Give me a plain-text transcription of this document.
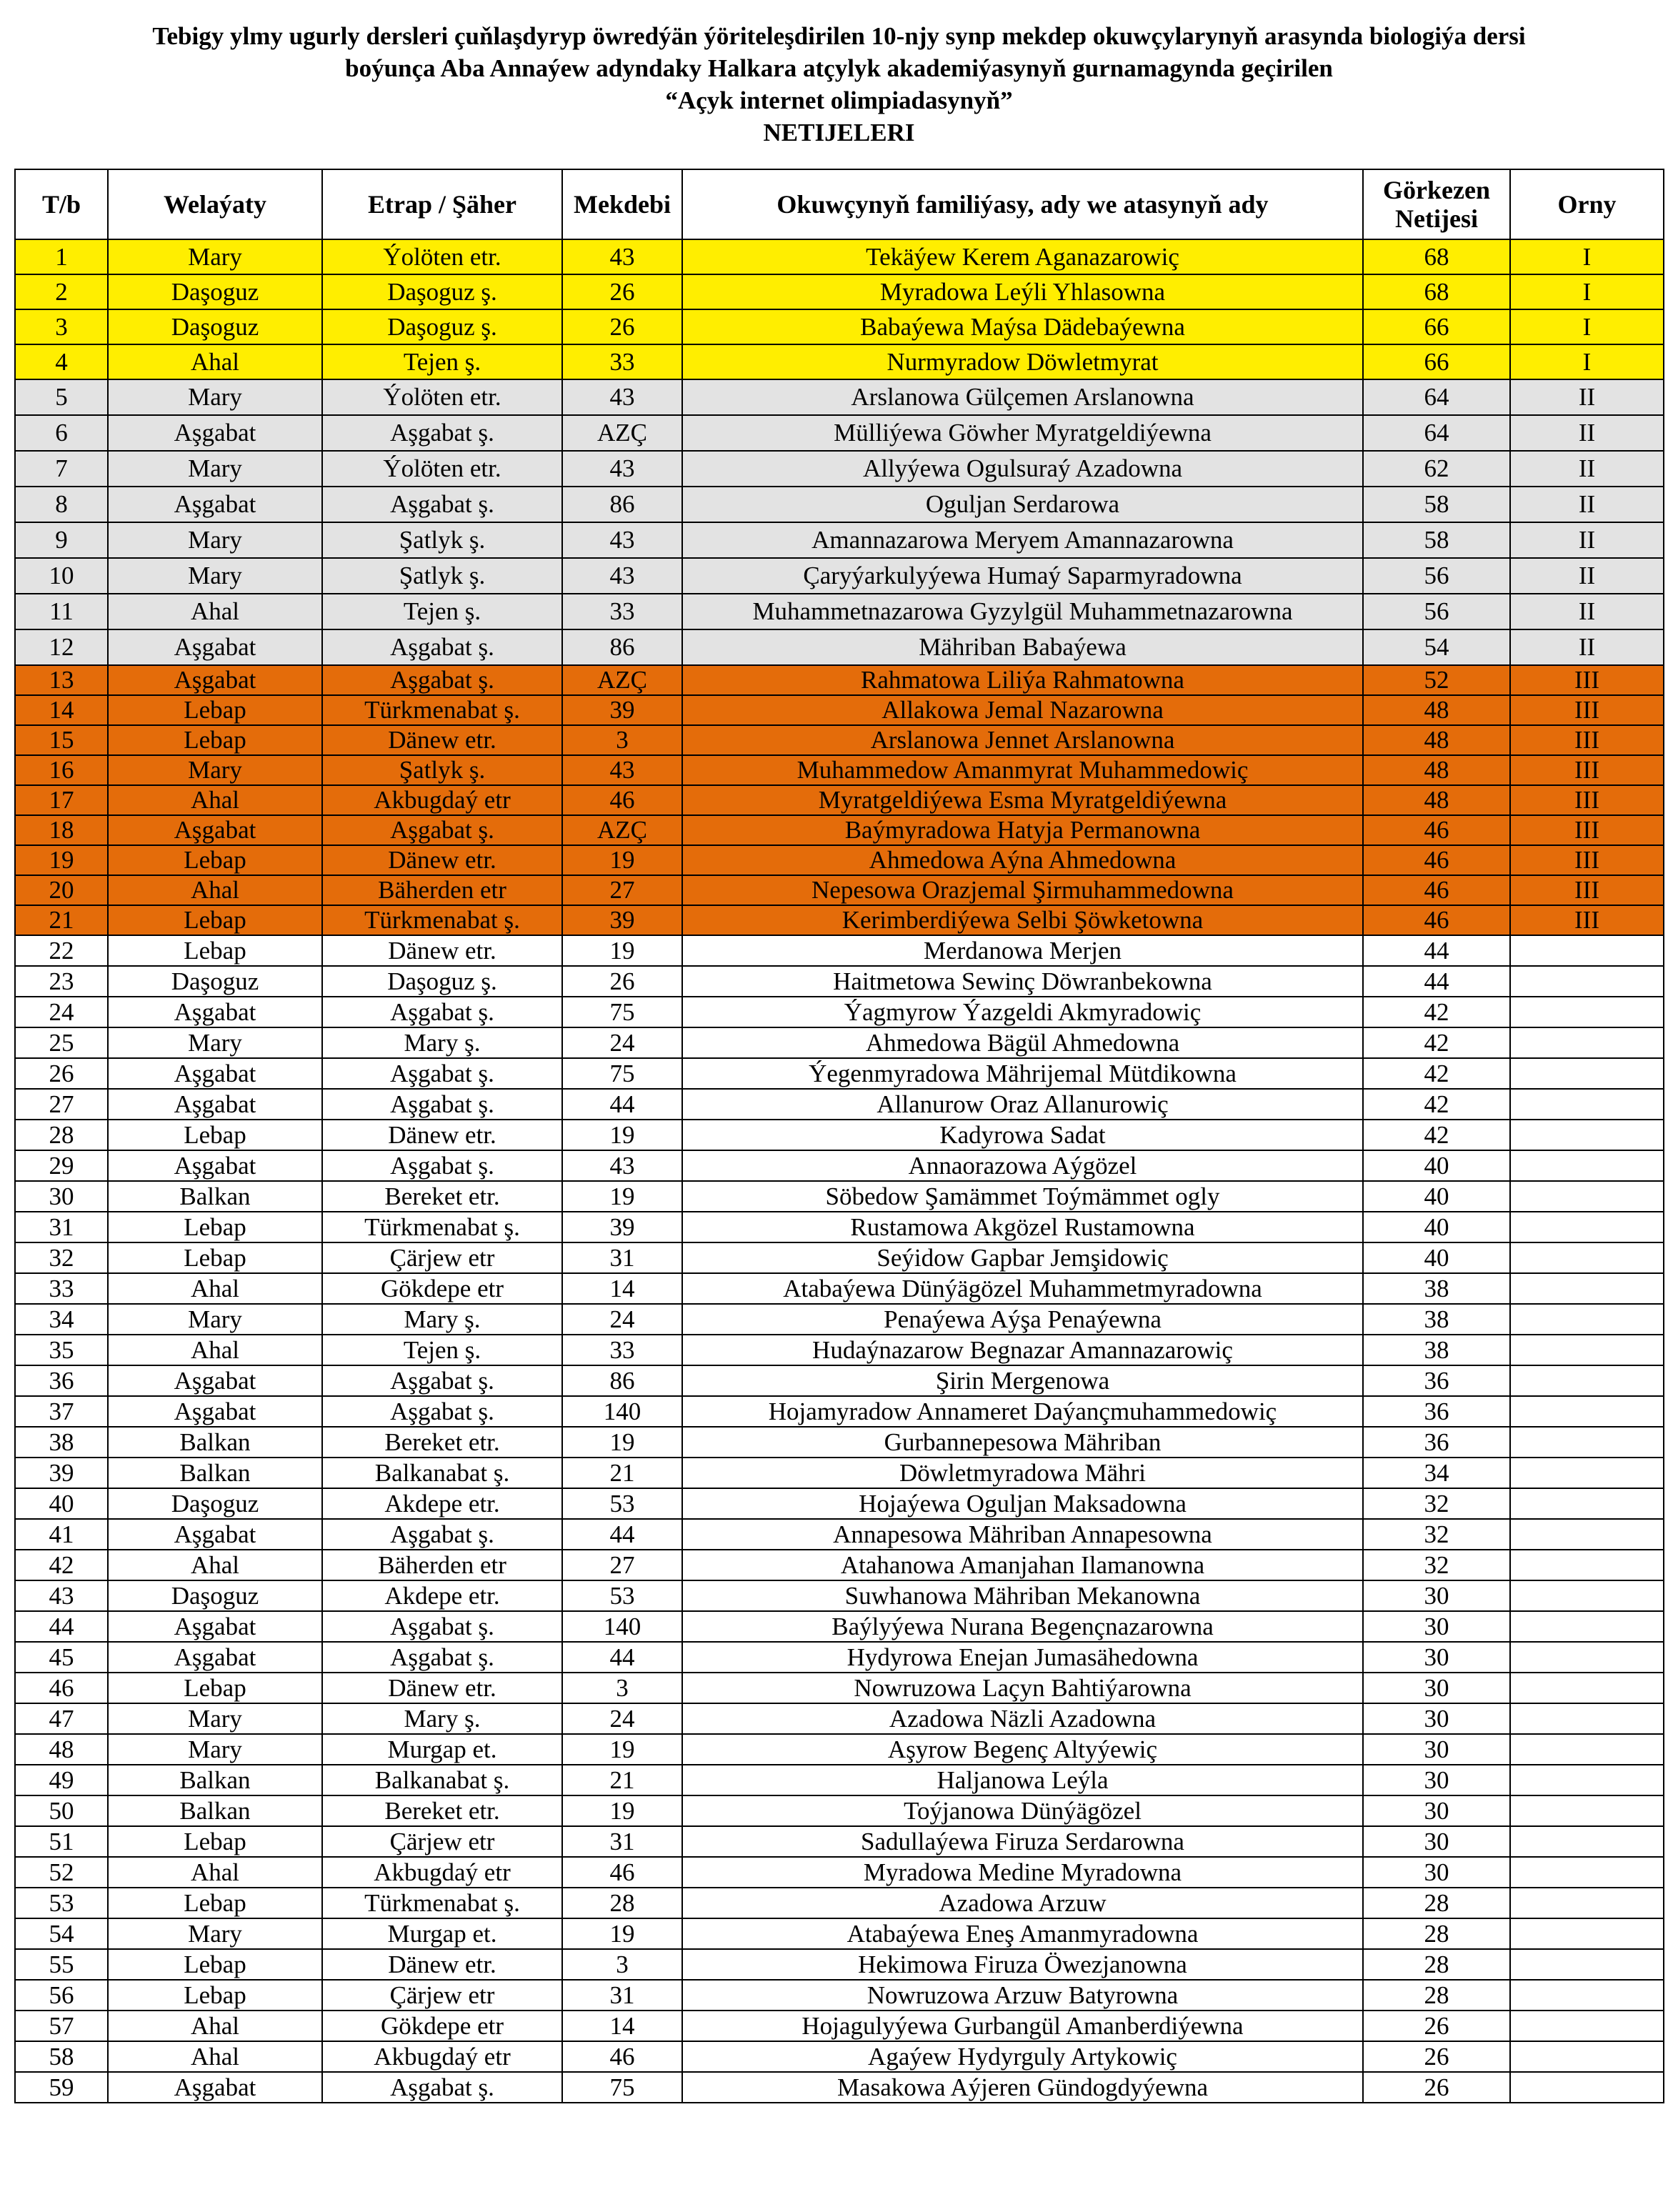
Tebigy ylmy ugurly dersleri çuňlaşdyryp öwredýän ýöriteleşdirilen 10-njy synp mekdep okuwçylarynyň arasynda biologiýa dersi
boýunça Aba Annaýew adyndaky Halkara atçylyk akademiýasynyň gurnamagynda geçirilen
“Açyk internet olimpiadasynyň”
NETIJELERI
T/b	Welaýaty	Etrap / Şäher	Mekdebi	Okuwçynyň familiýasy, ady we atasynyň ady	Görkezen Netijesi	Orny
1	Mary	Ýolöten etr.	43	Tekäýew Kerem Aganazarowiç	68	I
2	Daşoguz	Daşoguz ş.	26	Myradowa Leýli Yhlasowna	68	I
3	Daşoguz	Daşoguz ş.	26	Babaýewa Maýsa Dädebaýewna	66	I
4	Ahal	Tejen ş.	33	Nurmyradow Döwletmyrat	66	I
5	Mary	Ýolöten etr.	43	Arslanowa Gülçemen Arslanowna	64	II
6	Aşgabat	Aşgabat ş.	AZÇ	Mülliýewa Göwher Myratgeldiýewna	64	II
7	Mary	Ýolöten etr.	43	Allyýewa Ogulsuraý Azadowna	62	II
8	Aşgabat	Aşgabat ş.	86	Oguljan Serdarowa	58	II
9	Mary	Şatlyk ş.	43	Amannazarowa Meryem Amannazarowna	58	II
10	Mary	Şatlyk ş.	43	Çaryýarkulyýewa Humaý Saparmyradowna	56	II
11	Ahal	Tejen ş.	33	Muhammetnazarowa Gyzylgül Muhammetnazarowna	56	II
12	Aşgabat	Aşgabat ş.	86	Mähriban Babaýewa	54	II
13	Aşgabat	Aşgabat ş.	AZÇ	Rahmatowa Liliýa Rahmatowna	52	III
14	Lebap	Türkmenabat ş.	39	Allakowa Jemal Nazarowna	48	III
15	Lebap	Dänew etr.	3	Arslanowa Jennet Arslanowna	48	III
16	Mary	Şatlyk ş.	43	Muhammedow Amanmyrat Muhammedowiç	48	III
17	Ahal	Akbugdaý etr	46	Myratgeldiýewa Esma Myratgeldiýewna	48	III
18	Aşgabat	Aşgabat ş.	AZÇ	Baýmyradowa Hatyja Permanowna	46	III
19	Lebap	Dänew etr.	19	Ahmedowa Aýna Ahmedowna	46	III
20	Ahal	Bäherden etr	27	Nepesowa Orazjemal Şirmuhammedowna	46	III
21	Lebap	Türkmenabat ş.	39	Kerimberdiýewa Selbi Şöwketowna	46	III
22	Lebap	Dänew etr.	19	Merdanowa Merjen	44	
23	Daşoguz	Daşoguz ş.	26	Haitmetowa Sewinç Döwranbekowna	44	
24	Aşgabat	Aşgabat ş.	75	Ýagmyrow Ýazgeldi Akmyradowiç	42	
25	Mary	Mary ş.	24	Ahmedowa Bägül Ahmedowna	42	
26	Aşgabat	Aşgabat ş.	75	Ýegenmyradowa Mährijemal Mütdikowna	42	
27	Aşgabat	Aşgabat ş.	44	Allanurow Oraz Allanurowiç	42	
28	Lebap	Dänew etr.	19	Kadyrowa Sadat	42	
29	Aşgabat	Aşgabat ş.	43	Annaorazowa Aýgözel	40	
30	Balkan	Bereket etr.	19	Söbedow Şamämmet Toýmämmet ogly	40	
31	Lebap	Türkmenabat ş.	39	Rustamowa Akgözel Rustamowna	40	
32	Lebap	Çärjew etr	31	Seýidow Gapbar Jemşidowiç	40	
33	Ahal	Gökdepe etr	14	Atabaýewa Dünýägözel Muhammetmyradowna	38	
34	Mary	Mary ş.	24	Penaýewa Aýşa Penaýewna	38	
35	Ahal	Tejen ş.	33	Hudaýnazarow Begnazar Amannazarowiç	38	
36	Aşgabat	Aşgabat ş.	86	Şirin Mergenowa	36	
37	Aşgabat	Aşgabat ş.	140	Hojamyradow Annameret Daýançmuhammedowiç	36	
38	Balkan	Bereket etr.	19	Gurbannepesowa Mähriban	36	
39	Balkan	Balkanabat ş.	21	Döwletmyradowa Mähri	34	
40	Daşoguz	Akdepe etr.	53	Hojaýewa Oguljan Maksadowna	32	
41	Aşgabat	Aşgabat ş.	44	Annapesowa Mähriban Annapesowna	32	
42	Ahal	Bäherden etr	27	Atahanowa Amanjahan Ilamanowna	32	
43	Daşoguz	Akdepe etr.	53	Suwhanowa Mähriban Mekanowna	30	
44	Aşgabat	Aşgabat ş.	140	Baýlyýewa Nurana Begençnazarowna	30	
45	Aşgabat	Aşgabat ş.	44	Hydyrowa Enejan Jumasähedowna	30	
46	Lebap	Dänew etr.	3	Nowruzowa Laçyn Bahtiýarowna	30	
47	Mary	Mary ş.	24	Azadowa Näzli Azadowna	30	
48	Mary	Murgap et.	19	Aşyrow Begenç Altyýewiç	30	
49	Balkan	Balkanabat ş.	21	Haljanowa Leýla	30	
50	Balkan	Bereket etr.	19	Toýjanowa Dünýägözel	30	
51	Lebap	Çärjew etr	31	Sadullaýewa Firuza Serdarowna	30	
52	Ahal	Akbugdaý etr	46	Myradowa Medine Myradowna	30	
53	Lebap	Türkmenabat ş.	28	Azadowa Arzuw	28	
54	Mary	Murgap et.	19	Atabaýewa Eneş Amanmyradowna	28	
55	Lebap	Dänew etr.	3	Hekimowa Firuza Öwezjanowna	28	
56	Lebap	Çärjew etr	31	Nowruzowa Arzuw Batyrowna	28	
57	Ahal	Gökdepe etr	14	Hojagulyýewa Gurbangül Amanberdiýewna	26	
58	Ahal	Akbugdaý etr	46	Agaýew Hydyrguly Artykowiç	26	
59	Aşgabat	Aşgabat ş.	75	Masakowa Aýjeren Gündogdyýewna	26	
